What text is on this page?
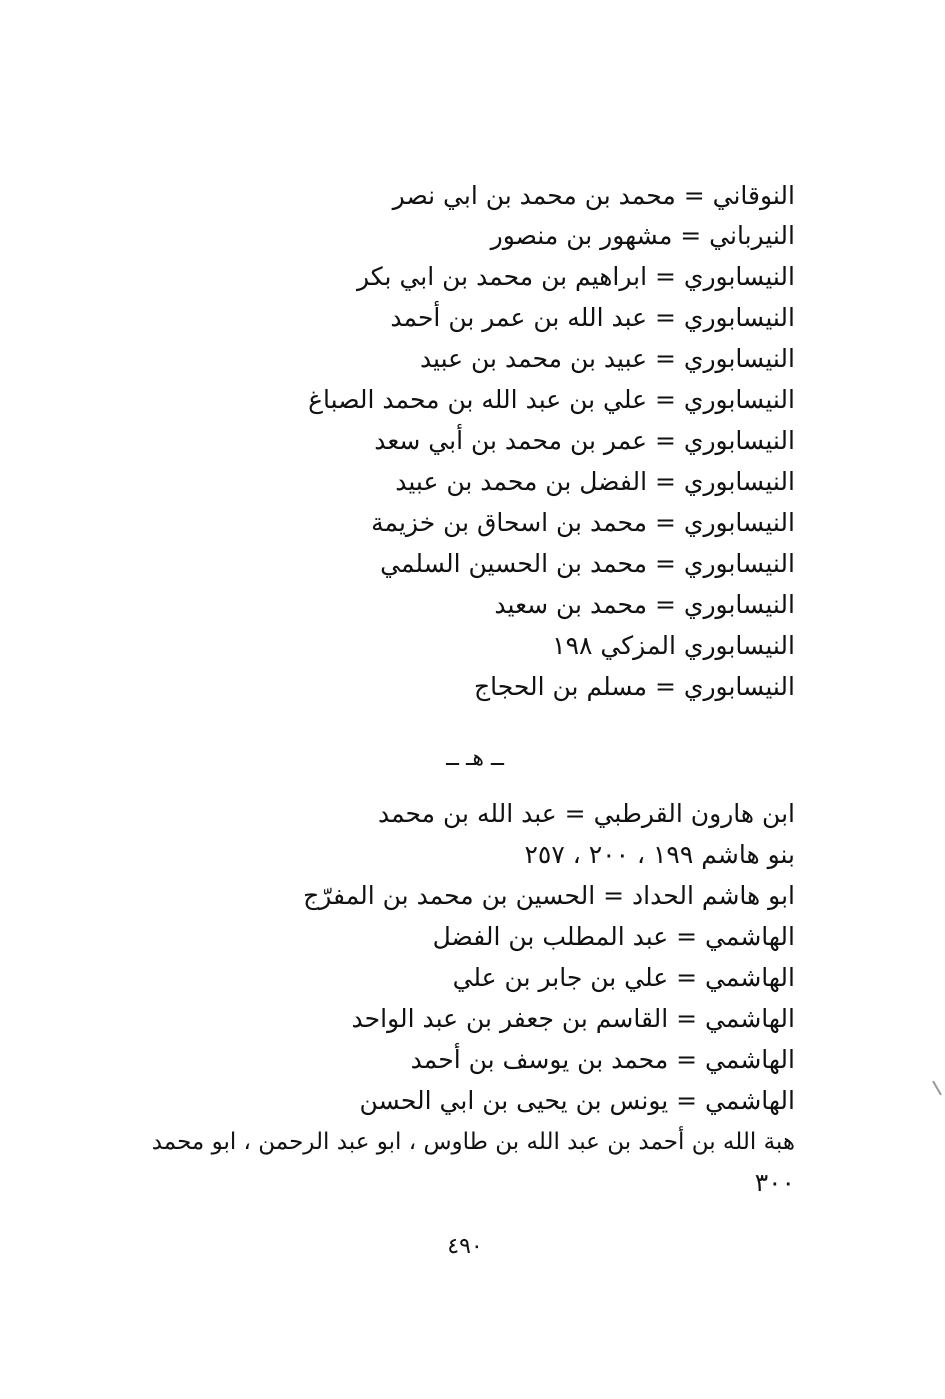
النوقاني = محمد بن محمد بن ابي نصر
النيرباني = مشهور بن منصور
النيسابوري = ابراهيم بن محمد بن ابي بكر
النيسابوري = عبد الله بن عمر بن أحمد
النيسابوري = عبيد بن محمد بن عبيد
النيسابوري = علي بن عبد الله بن محمد الصباغ
النيسابوري = عمر بن محمد بن أبي سعد
النيسابوري = الفضل بن محمد بن عبيد
النيسابوري = محمد بن اسحاق بن خزيمة
النيسابوري = محمد بن الحسين السلمي
النيسابوري = محمد بن سعيد
النيسابوري المزكي ١٩٨
النيسابوري = مسلم بن الحجاج
ــ هـ ــ
ابن هارون القرطبي = عبد الله بن محمد
بنو هاشم ١٩٩ ، ٢٠٠ ، ٢٥٧
ابو هاشم الحداد = الحسين بن محمد بن المفرّج
الهاشمي = عبد المطلب بن الفضل
الهاشمي = علي بن جابر بن علي
الهاشمي = القاسم بن جعفر بن عبد الواحد
الهاشمي = محمد بن يوسف بن أحمد
الهاشمي = يونس بن يحيى بن ابي الحسن
هبة الله بن أحمد بن عبد الله بن طاوس ، ابو عبد الرحمن ، ابو محمد
٣٠٠
٤٩٠
